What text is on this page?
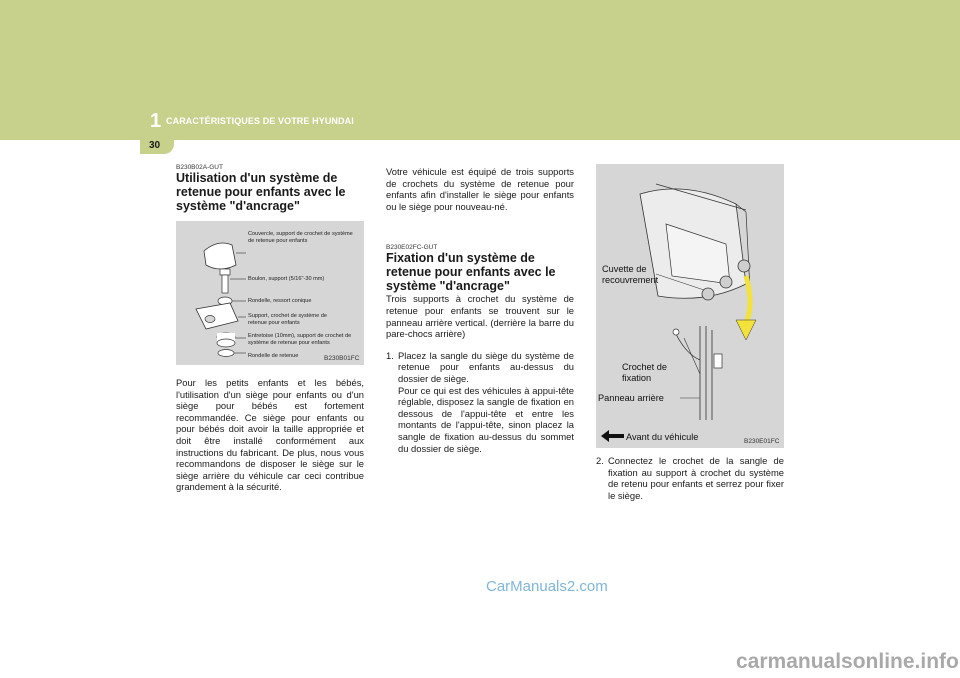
1 CARACTÉRISTIQUES DE VOTRE HYUNDAI
30
B230B02A-GUT
Utilisation d'un système de retenue pour enfants avec le système "d'ancrage"
Couvercle, support de crochet de système de retenue pour enfants
Boulon, support (5/16"-30 mm)
Rondelle, ressort conique
Support, crochet de système de retenue pour enfants
Entretoise (10mm), support de crochet de système de retenue pour enfants
Rondelle de retenue	B230B01FC
Pour les petits enfants et les bébés, l'utilisation d'un siège pour enfants ou d'un siège pour bébés est fortement recommandée. Ce siège pour enfants ou pour bébés doit avoir la taille appropriée et doit être installé conformément aux instructions du fabricant. De plus, nous vous recommandons de disposer le siège sur le siège arrière du véhicule car ceci contribue grandement à la sécurité.
Votre véhicule est équipé de trois supports de crochets du système de retenue pour enfants afin d'installer le siège pour enfants ou le siège pour nouveau-né.
B230E02FC-GUT
Fixation d'un système de retenue pour enfants avec le système "d'ancrage"
Trois supports à crochet du système de retenue pour enfants se trouvent sur le panneau arrière vertical. (derrière la barre du pare-chocs arrière)
1. Placez la sangle du siège du système de retenue pour enfants au-dessus du dossier de siège.
Pour ce qui est des véhicules à appui-tête réglable, disposez la sangle de fixation en dessous de l'appui-tête et entre les montants de l'appui-tête, sinon placez la sangle de fixation au-dessus du sommet du dossier de siège.
Cuvette de recouvrement
Crochet de fixation
Panneau arrière
Avant du véhicule	B230E01FC
2. Connectez le crochet de la sangle de fixation au support à crochet du système de retenu pour enfants et serrez pour fixer le siège.
CarManuals2.com
carmanualsonline.info
